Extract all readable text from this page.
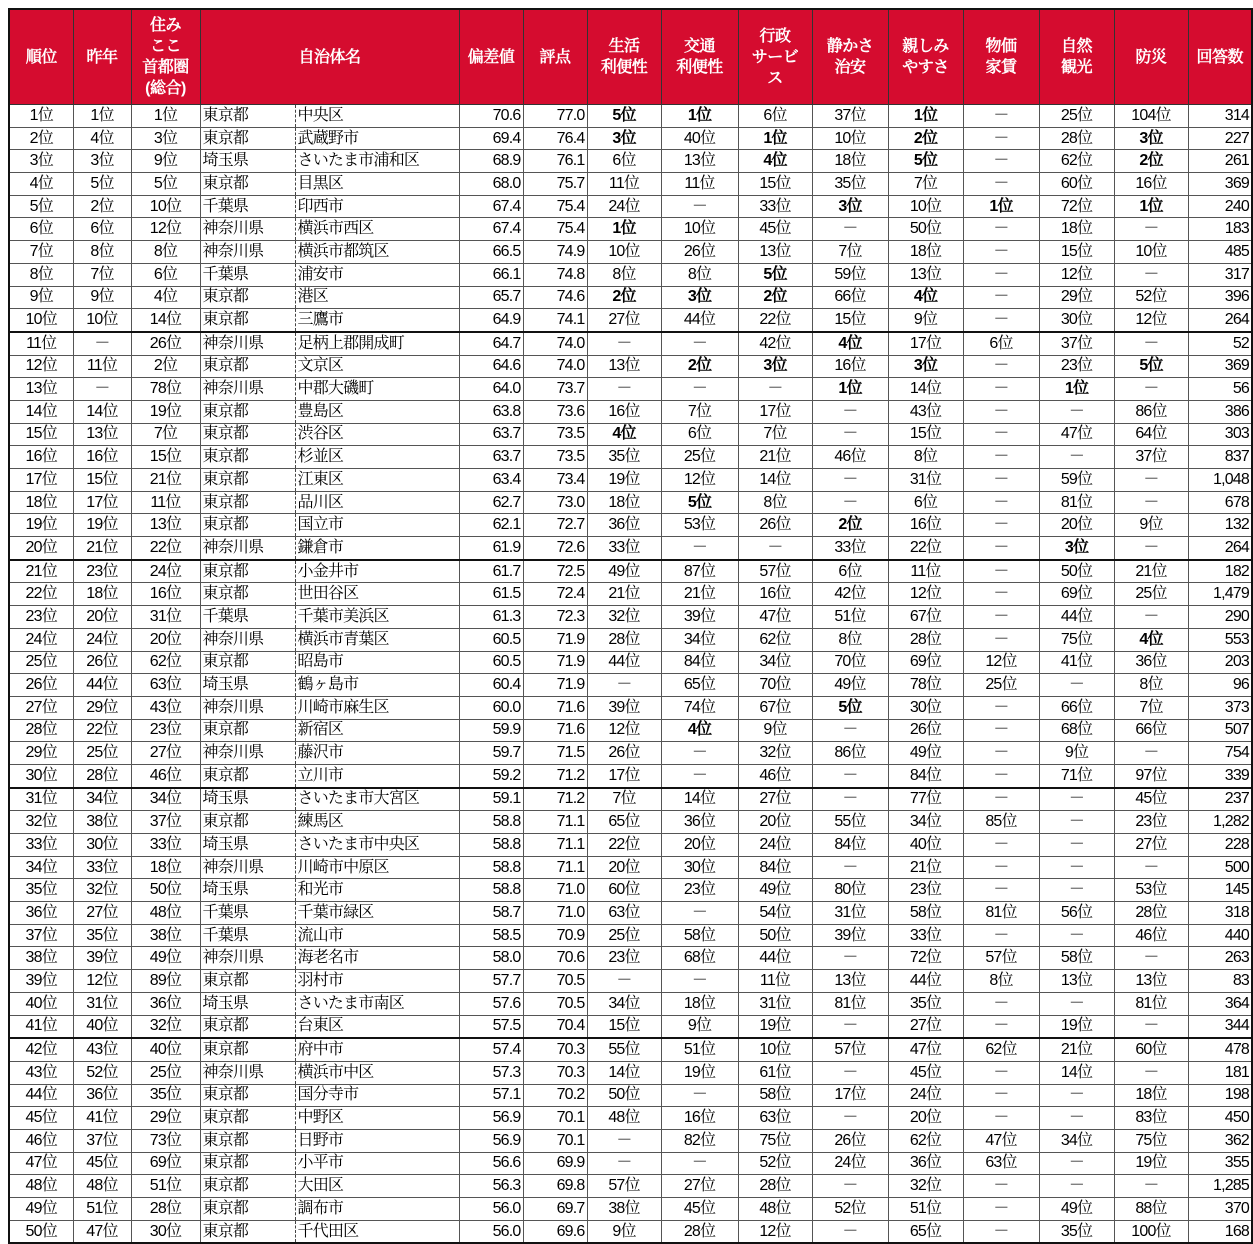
順位	昨年	住み
ここ
首都圏
(総合)	自治体名		偏差値	評点	生活
利便性	交通
利便性	行政
サービ
ス	静かさ
治安	親しみ
やすさ	物価
家賃	自然
観光	防災	回答数
1位	1位	1位	東京都	中央区	70.6	77.0	5位	1位	6位	37位	1位	－	25位	104位	314
2位	4位	3位	東京都	武蔵野市	69.4	76.4	3位	40位	1位	10位	2位	－	28位	3位	227
3位	3位	9位	埼玉県	さいたま市浦和区	68.9	76.1	6位	13位	4位	18位	5位	－	62位	2位	261
4位	5位	5位	東京都	目黒区	68.0	75.7	11位	11位	15位	35位	7位	－	60位	16位	369
5位	2位	10位	千葉県	印西市	67.4	75.4	24位	－	33位	3位	10位	1位	72位	1位	240
6位	6位	12位	神奈川県	横浜市西区	67.4	75.4	1位	10位	45位	－	50位	－	18位	－	183
7位	8位	8位	神奈川県	横浜市都筑区	66.5	74.9	10位	26位	13位	7位	18位	－	15位	10位	485
8位	7位	6位	千葉県	浦安市	66.1	74.8	8位	8位	5位	59位	13位	－	12位	－	317
9位	9位	4位	東京都	港区	65.7	74.6	2位	3位	2位	66位	4位	－	29位	52位	396
10位	10位	14位	東京都	三鷹市	64.9	74.1	27位	44位	22位	15位	9位	－	30位	12位	264
11位	－	26位	神奈川県	足柄上郡開成町	64.7	74.0	－	－	42位	4位	17位	6位	37位	－	52
12位	11位	2位	東京都	文京区	64.6	74.0	13位	2位	3位	16位	3位	－	23位	5位	369
13位	－	78位	神奈川県	中郡大磯町	64.0	73.7	－	－	－	1位	14位	－	1位	－	56
14位	14位	19位	東京都	豊島区	63.8	73.6	16位	7位	17位	－	43位	－	－	86位	386
15位	13位	7位	東京都	渋谷区	63.7	73.5	4位	6位	7位	－	15位	－	47位	64位	303
16位	16位	15位	東京都	杉並区	63.7	73.5	35位	25位	21位	46位	8位	－	－	37位	837
17位	15位	21位	東京都	江東区	63.4	73.4	19位	12位	14位	－	31位	－	59位	－	1,048
18位	17位	11位	東京都	品川区	62.7	73.0	18位	5位	8位	－	6位	－	81位	－	678
19位	19位	13位	東京都	国立市	62.1	72.7	36位	53位	26位	2位	16位	－	20位	9位	132
20位	21位	22位	神奈川県	鎌倉市	61.9	72.6	33位	－	－	33位	22位	－	3位	－	264
21位	23位	24位	東京都	小金井市	61.7	72.5	49位	87位	57位	6位	11位	－	50位	21位	182
22位	18位	16位	東京都	世田谷区	61.5	72.4	21位	21位	16位	42位	12位	－	69位	25位	1,479
23位	20位	31位	千葉県	千葉市美浜区	61.3	72.3	32位	39位	47位	51位	67位	－	44位	－	290
24位	24位	20位	神奈川県	横浜市青葉区	60.5	71.9	28位	34位	62位	8位	28位	－	75位	4位	553
25位	26位	62位	東京都	昭島市	60.5	71.9	44位	84位	34位	70位	69位	12位	41位	36位	203
26位	44位	63位	埼玉県	鶴ヶ島市	60.4	71.9	－	65位	70位	49位	78位	25位	－	8位	96
27位	29位	43位	神奈川県	川崎市麻生区	60.0	71.6	39位	74位	67位	5位	30位	－	66位	7位	373
28位	22位	23位	東京都	新宿区	59.9	71.6	12位	4位	9位	－	26位	－	68位	66位	507
29位	25位	27位	神奈川県	藤沢市	59.7	71.5	26位	－	32位	86位	49位	－	9位	－	754
30位	28位	46位	東京都	立川市	59.2	71.2	17位	－	46位	－	84位	－	71位	97位	339
31位	34位	34位	埼玉県	さいたま市大宮区	59.1	71.2	7位	14位	27位	－	77位	－	－	45位	237
32位	38位	37位	東京都	練馬区	58.8	71.1	65位	36位	20位	55位	34位	85位	－	23位	1,282
33位	30位	33位	埼玉県	さいたま市中央区	58.8	71.1	22位	20位	24位	84位	40位	－	－	27位	228
34位	33位	18位	神奈川県	川崎市中原区	58.8	71.1	20位	30位	84位	－	21位	－	－	－	500
35位	32位	50位	埼玉県	和光市	58.8	71.0	60位	23位	49位	80位	23位	－	－	53位	145
36位	27位	48位	千葉県	千葉市緑区	58.7	71.0	63位	－	54位	31位	58位	81位	56位	28位	318
37位	35位	38位	千葉県	流山市	58.5	70.9	25位	58位	50位	39位	33位	－	－	46位	440
38位	39位	49位	神奈川県	海老名市	58.0	70.6	23位	68位	44位	－	72位	57位	58位	－	263
39位	12位	89位	東京都	羽村市	57.7	70.5	－	－	11位	13位	44位	8位	13位	13位	83
40位	31位	36位	埼玉県	さいたま市南区	57.6	70.5	34位	18位	31位	81位	35位	－	－	81位	364
41位	40位	32位	東京都	台東区	57.5	70.4	15位	9位	19位	－	27位	－	19位	－	344
42位	43位	40位	東京都	府中市	57.4	70.3	55位	51位	10位	57位	47位	62位	21位	60位	478
43位	52位	25位	神奈川県	横浜市中区	57.3	70.3	14位	19位	61位	－	45位	－	14位	－	181
44位	36位	35位	東京都	国分寺市	57.1	70.2	50位	－	58位	17位	24位	－	－	18位	198
45位	41位	29位	東京都	中野区	56.9	70.1	48位	16位	63位	－	20位	－	－	83位	450
46位	37位	73位	東京都	日野市	56.9	70.1	－	82位	75位	26位	62位	47位	34位	75位	362
47位	45位	69位	東京都	小平市	56.6	69.9	－	－	52位	24位	36位	63位	－	19位	355
48位	48位	51位	東京都	大田区	56.3	69.8	57位	27位	28位	－	32位	－	－	－	1,285
49位	51位	28位	東京都	調布市	56.0	69.7	38位	45位	48位	52位	51位	－	49位	88位	370
50位	47位	30位	東京都	千代田区	56.0	69.6	9位	28位	12位	－	65位	－	35位	100位	168
